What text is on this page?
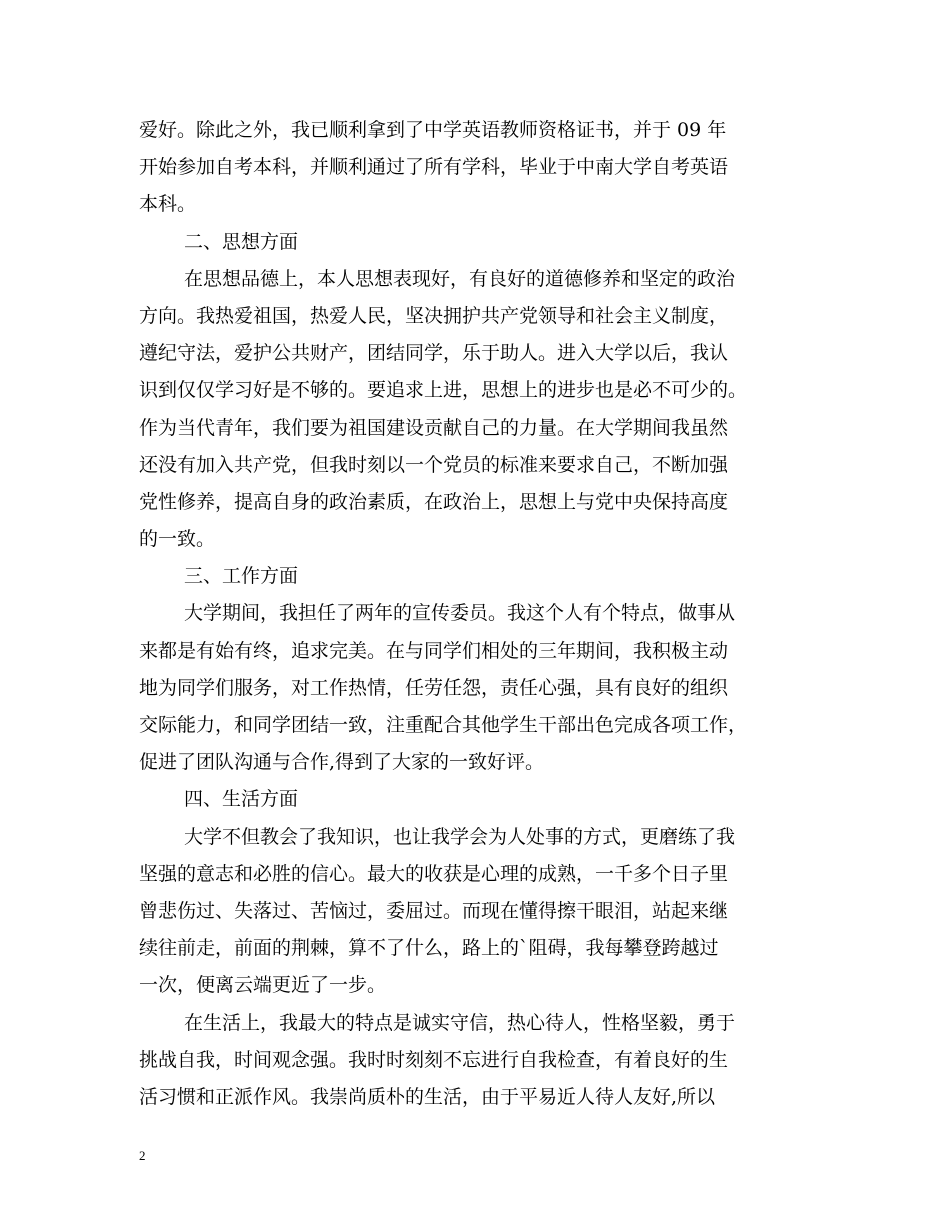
爱好。除此之外，我已顺利拿到了中学英语教师资格证书，并于 09 年
开始参加自考本科，并顺利通过了所有学科，毕业于中南大学自考英语
本科。
二、思想方面
在思想品德上，本人思想表现好，有良好的道德修养和坚定的政治
方向。我热爱祖国，热爱人民，坚决拥护共产党领导和社会主义制度，
遵纪守法，爱护公共财产，团结同学，乐于助人。进入大学以后，我认
识到仅仅学习好是不够的。要追求上进，思想上的进步也是必不可少的。
作为当代青年，我们要为祖国建设贡献自己的力量。在大学期间我虽然
还没有加入共产党，但我时刻以一个党员的标准来要求自己，不断加强
党性修养，提高自身的政治素质，在政治上，思想上与党中央保持高度
的一致。
三、工作方面
大学期间，我担任了两年的宣传委员。我这个人有个特点，做事从
来都是有始有终，追求完美。在与同学们相处的三年期间，我积极主动
地为同学们服务，对工作热情，任劳任怨，责任心强，具有良好的组织
交际能力，和同学团结一致，注重配合其他学生干部出色完成各项工作，
促进了团队沟通与合作,得到了大家的一致好评。
四、生活方面
大学不但教会了我知识，也让我学会为人处事的方式，更磨练了我
坚强的意志和必胜的信心。最大的收获是心理的成熟，一千多个日子里
曾悲伤过、失落过、苦恼过，委屈过。而现在懂得擦干眼泪，站起来继
续往前走，前面的荆棘，算不了什么，路上的`阻碍，我每攀登跨越过
一次，便离云端更近了一步。
在生活上，我最大的特点是诚实守信，热心待人，性格坚毅，勇于
挑战自我，时间观念强。我时时刻刻不忘进行自我检查，有着良好的生
活习惯和正派作风。我崇尚质朴的生活，由于平易近人待人友好,所以
2
